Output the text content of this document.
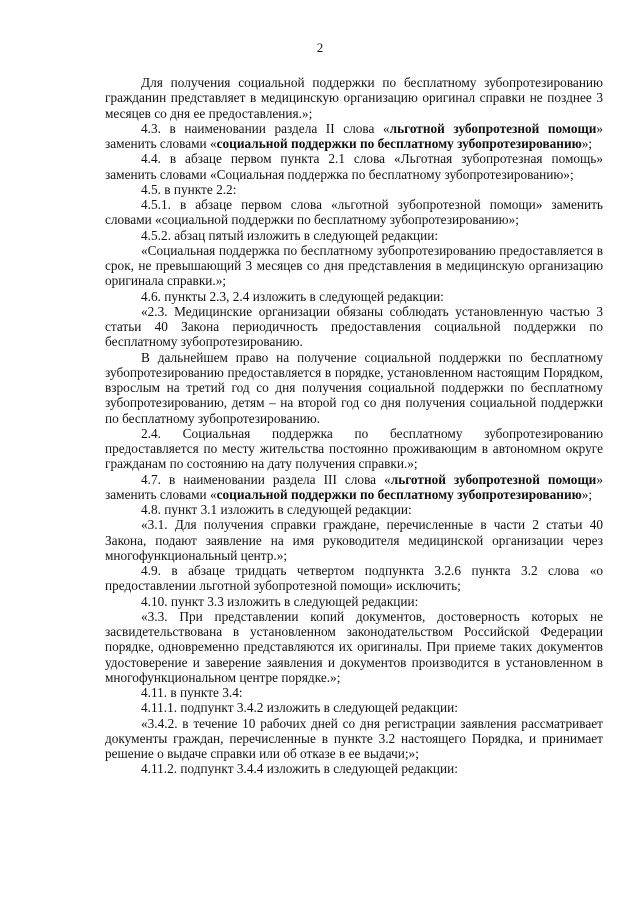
2

Для получения социальной поддержки по бесплатному зубопротезированию гражданин представляет в медицинскую организацию оригинал справки не позднее 3 месяцев со дня ее предоставления.»;

4.3. в наименовании раздела II слова «льготной зубопротезной помощи» заменить словами «социальной поддержки по бесплатному зубопротезированию»;

4.4. в абзаце первом пункта 2.1 слова «Льготная зубопротезная помощь» заменить словами «Социальная поддержка по бесплатному зубопротезированию»;

4.5. в пункте 2.2:

4.5.1. в абзаце первом слова «льготной зубопротезной помощи» заменить словами «социальной поддержки по бесплатному зубопротезированию»;

4.5.2. абзац пятый изложить в следующей редакции:

«Социальная поддержка по бесплатному зубопротезированию предоставляется в срок, не превышающий 3 месяцев со дня представления в медицинскую организацию оригинала справки.»;

4.6. пункты 2.3, 2.4 изложить в следующей редакции:

«2.3. Медицинские организации обязаны соблюдать установленную частью 3 статьи 40 Закона периодичность предоставления социальной поддержки по бесплатному зубопротезированию.

В дальнейшем право на получение социальной поддержки по бесплатному зубопротезированию предоставляется в порядке, установленном настоящим Порядком, взрослым на третий год со дня получения социальной поддержки по бесплатному зубопротезированию, детям – на второй год со дня получения социальной поддержки по бесплатному зубопротезированию.

2.4. Социальная поддержка по бесплатному зубопротезированию предоставляется по месту жительства постоянно проживающим в автономном округе гражданам по состоянию на дату получения справки.»;

4.7. в наименовании раздела III слова «льготной зубопротезной помощи» заменить словами «социальной поддержки по бесплатному зубопротезированию»;

4.8. пункт 3.1 изложить в следующей редакции:

«3.1. Для получения справки граждане, перечисленные в части 2 статьи 40 Закона, подают заявление на имя руководителя медицинской организации через многофункциональный центр.»;

4.9. в абзаце тридцать четвертом подпункта 3.2.6 пункта 3.2 слова «о предоставлении льготной зубопротезной помощи» исключить;

4.10. пункт 3.3 изложить в следующей редакции:

«3.3. При представлении копий документов, достоверность которых не засвидетельствована в установленном законодательством Российской Федерации порядке, одновременно представляются их оригиналы. При приеме таких документов удостоверение и заверение заявления и документов производится в установленном в многофункциональном центре порядке.»;

4.11. в пункте 3.4:

4.11.1. подпункт 3.4.2 изложить в следующей редакции:

«3.4.2. в течение 10 рабочих дней со дня регистрации заявления рассматривает документы граждан, перечисленные в пункте 3.2 настоящего Порядка, и принимает решение о выдаче справки или об отказе в ее выдачи;»;

4.11.2. подпункт 3.4.4 изложить в следующей редакции:
